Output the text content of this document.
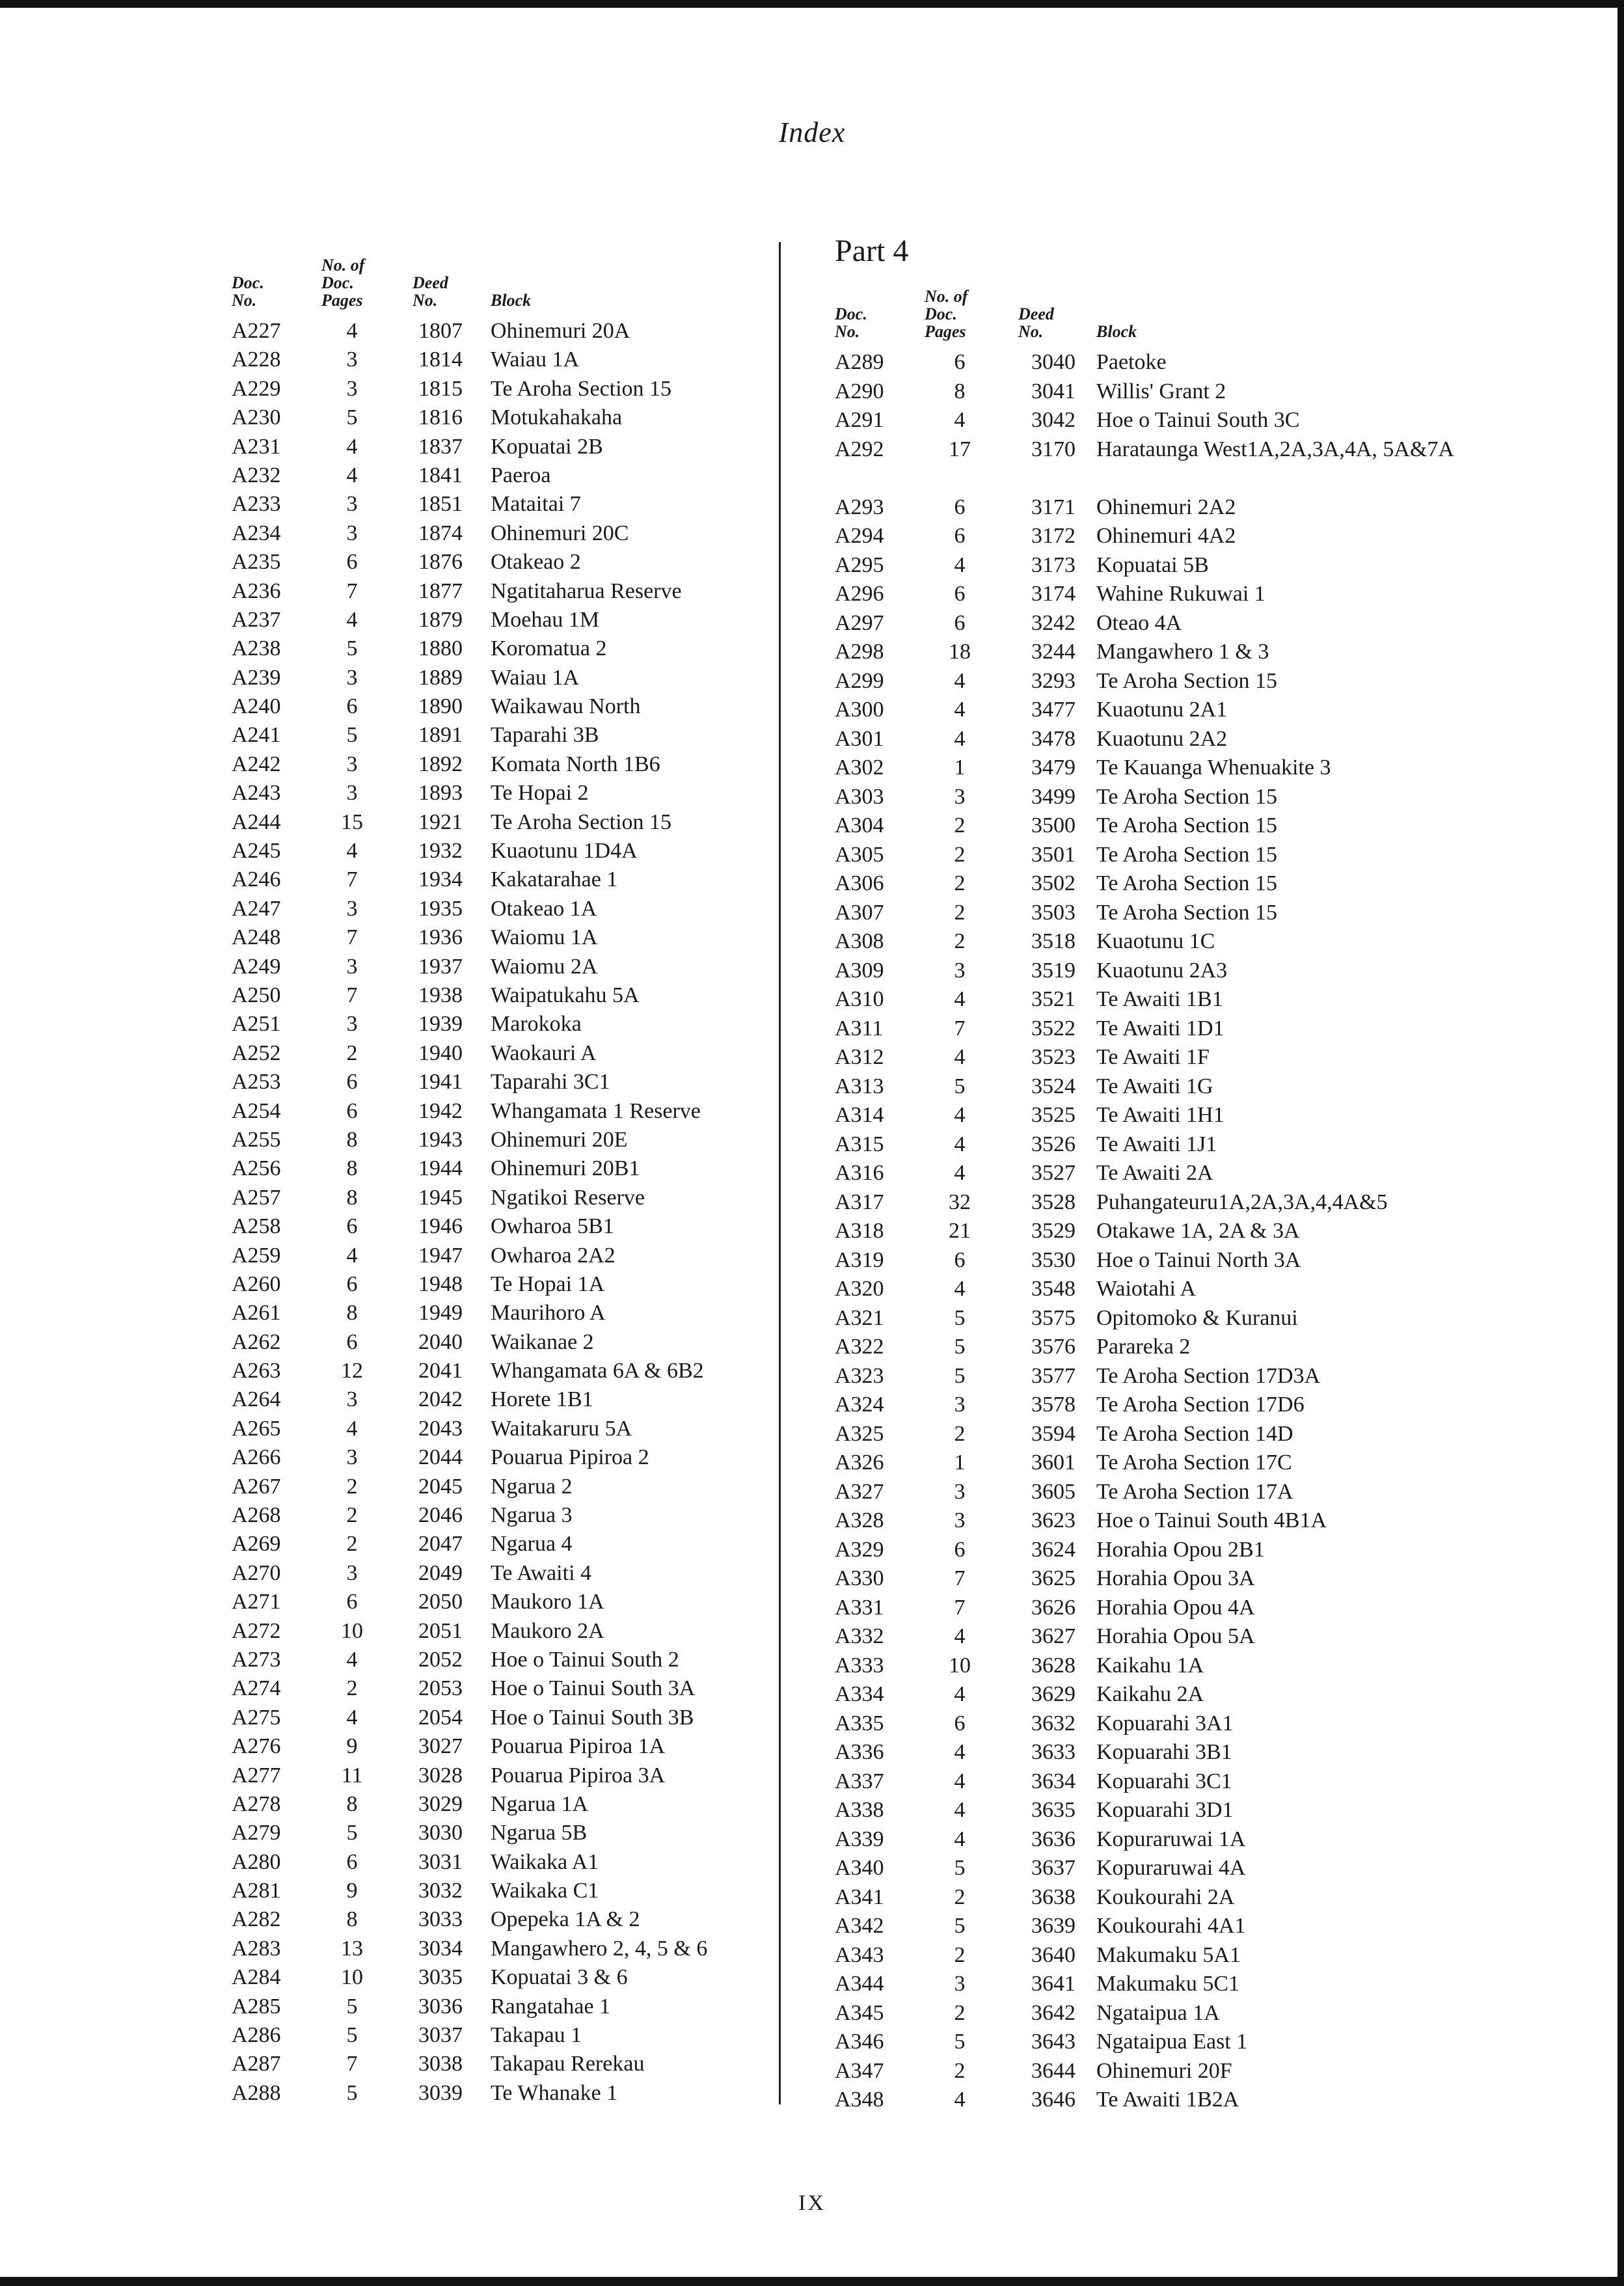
Index
Doc.
No.
No. of
Doc.
Pages
Deed
No.	Block
A227	4	1807 Ohinemuri 20A
A228	3	1814 Waiau 1A
A229	3	1815 Te Aroha Section 15
A230	5	1816 Motukahakaha
A231	4	1837 Kopuatai 2B
A232	4	1841 Paeroa
A233	3	1851 Mataitai 7
A234	3	1874 Ohinemuri 20C
A235	6	1876 Otakeao 2
A236	7	1877 Ngatitaharua Reserve
A237	4	1879 Moehau 1M
A238	5	1880 Koromatua 2
A239	3	1889 Waiau 1A
A240	6	1890 Waikawau North
A241	5	1891 Taparahi 3B
A242	3	1892 Komata North 1B6
A243	3	1893 Te Hopai 2
A244	15	1921 Te Aroha Section 15
A245	4	1932 Kuaotunu 1D4A
A246	7	1934 Kakatarahae 1
A247	3	1935 Otakeao 1A
A248	7	1936 Waiomu 1A
A249	3	1937 Waiomu 2A
A250	7	1938 Waipatukahu 5A
A251	3	1939 Marokoka
A252	2	1940 Waokauri A
A253	6	1941 Taparahi 3C1
A254	6	1942 Whangamata 1 Reserve
A255	8	1943 Ohinemuri 20E
A256	8	1944 Ohinemuri 20B1
A257	8	1945 Ngatikoi Reserve
A258	6	1946 Owharoa 5B1
A259	4	1947 Owharoa 2A2
A260	6	1948 Te Hopai 1A
A261	8	1949 Maurihoro A
A262	6	2040 Waikanae 2
A263	12	2041 Whangamata 6A & 6B2
A264	3	2042 Horete 1B1
A265	4	2043 Waitakaruru 5A
A266	3	2044 Pouarua Pipiroa 2
A267	2	2045 Ngarua 2
A268	2	2046 Ngarua 3
A269	2	2047 Ngarua 4
A270	3	2049 Te Awaiti 4
A271	6	2050 Maukoro 1A
A272	10	2051 Maukoro 2A
A273	4	2052 Hoe o Tainui South 2
A274	2	2053 Hoe o Tainui South 3A
A275	4	2054 Hoe o Tainui South 3B
A276	9	3027 Pouarua Pipiroa 1A
A277	11	3028 Pouarua Pipiroa 3A
A278	8	3029 Ngarua 1A
A279	5	3030 Ngarua 5B
A280	6	3031 Waikaka A1
A281	9	3032 Waikaka C1
A282	8	3033 Opepeka 1A & 2
A283	13	3034 Mangawhero 2, 4, 5 & 6
A284	10	3035 Kopuatai 3 & 6
A285	5	3036 Rangatahae 1
A286	5	3037 Takapau 1
A287	7	3038 Takapau Rerekau
A288	5	3039 Te Whanake 1
Part 4
Doc.
No.
No. of
Doc.
Pages
Deed
No.	Block
A289	6	3040 Paetoke
A290	8	3041 Willis' Grant 2
A291	4	3042 Hoe o Tainui South 3C
A292	17	3170 Harataunga West1A,2A,3A,4A, 5A&7A
A293	6	3171 Ohinemuri 2A2
A294	6	3172 Ohinemuri 4A2
A295	4	3173 Kopuatai 5B
A296	6	3174 Wahine Rukuwai 1
A297	6	3242 Oteao 4A
A298	18	3244 Mangawhero 1 & 3
A299	4	3293 Te Aroha Section 15
A300	4	3477 Kuaotunu 2A1
A301	4	3478 Kuaotunu 2A2
A302	1	3479 Te Kauanga Whenuakite 3
A303	3	3499 Te Aroha Section 15
A304	2	3500 Te Aroha Section 15
A305	2	3501 Te Aroha Section 15
A306	2	3502 Te Aroha Section 15
A307	2	3503 Te Aroha Section 15
A308	2	3518 Kuaotunu 1C
A309	3	3519 Kuaotunu 2A3
A310	4	3521 Te Awaiti 1B1
A311	7	3522 Te Awaiti 1D1
A312	4	3523 Te Awaiti 1F
A313	5	3524 Te Awaiti 1G
A314	4	3525 Te Awaiti 1H1
A315	4	3526 Te Awaiti 1J1
A316	4	3527 Te Awaiti 2A
A317	32	3528 Puhangateuru1A,2A,3A,4,4A&5
A318	21	3529 Otakawe 1A, 2A & 3A
A319	6	3530 Hoe o Tainui North 3A
A320	4	3548 Waiotahi A
A321	5	3575 Opitomoko & Kuranui
A322	5	3576 Parareka 2
A323	5	3577 Te Aroha Section 17D3A
A324	3	3578 Te Aroha Section 17D6
A325	2	3594 Te Aroha Section 14D
A326	1	3601 Te Aroha Section 17C
A327	3	3605 Te Aroha Section 17A
A328	3	3623 Hoe o Tainui South 4B1A
A329	6	3624 Horahia Opou 2B1
A330	7	3625 Horahia Opou 3A
A331	7	3626 Horahia Opou 4A
A332	4	3627 Horahia Opou 5A
A333	10	3628 Kaikahu 1A
A334	4	3629 Kaikahu 2A
A335	6	3632 Kopuarahi 3A1
A336	4	3633 Kopuarahi 3B1
A337	4	3634 Kopuarahi 3C1
A338	4	3635 Kopuarahi 3D1
A339	4	3636 Kopuraruwai 1A
A340	5	3637 Kopuraruwai 4A
A341	2	3638 Koukourahi 2A
A342	5	3639 Koukourahi 4A1
A343	2	3640 Makumaku 5A1
A344	3	3641 Makumaku 5C1
A345	2	3642 Ngataipua 1A
A346	5	3643 Ngataipua East 1
A347	2	3644 Ohinemuri 20F
A348	4	3646 Te Awaiti 1B2A
IX
